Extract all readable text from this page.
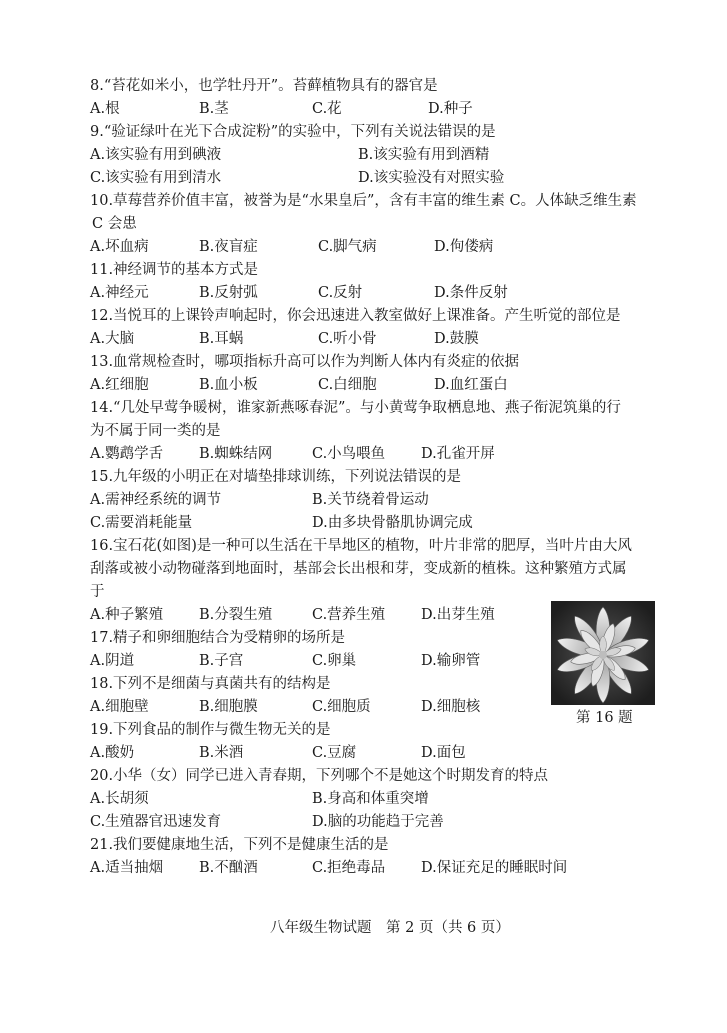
8.“苔花如米小，也学牡丹开”。苔藓植物具有的器官是
A.根	B.茎	C.花	D.种子
9.“验证绿叶在光下合成淀粉”的实验中，下列有关说法错误的是
A.该实验有用到碘液	B.该实验有用到酒精
C.该实验有用到清水	D.该实验没有对照实验
10.草莓营养价值丰富，被誉为是“水果皇后”，含有丰富的维生素 C。人体缺乏维生素
C 会患
A.坏血病	B.夜盲症	C.脚气病	D.佝偻病
11.神经调节的基本方式是
A.神经元	B.反射弧	C.反射	D.条件反射
12.当悦耳的上课铃声响起时，你会迅速进入教室做好上课准备。产生听觉的部位是
A.大脑	B.耳蜗	C.听小骨	D.鼓膜
13.血常规检查时，哪项指标升高可以作为判断人体内有炎症的依据
A.红细胞	B.血小板	C.白细胞	D.血红蛋白
14.“几处早莺争暖树，谁家新燕啄春泥”。与小黄莺争取栖息地、燕子衔泥筑巢的行
为不属于同一类的是
A.鹦鹉学舌 B.蜘蛛结网	C.小鸟喂鱼 D.孔雀开屏
15.九年级的小明正在对墙垫排球训练，下列说法错误的是
A.需神经系统的调节	B.关节绕着骨运动
C.需要消耗能量	D.由多块骨骼肌协调完成
16.宝石花(如图)是一种可以生活在干旱地区的植物，叶片非常的肥厚，当叶片由大风
刮落或被小动物碰落到地面时，基部会长出根和芽，变成新的植株。这种繁殖方式属
于
A.种子繁殖 B.分裂生殖	C.营养生殖 D.出芽生殖
第 16 题
17.精子和卵细胞结合为受精卵的场所是
A.阴道	B.子宫	C.卵巢	D.输卵管
18.下列不是细菌与真菌共有的结构是
A.细胞壁	B.细胞膜	C.细胞质	D.细胞核
19.下列食品的制作与微生物无关的是
A.酸奶	B.米酒	C.豆腐	D.面包
20.小华（女）同学已进入青春期，下列哪个不是她这个时期发育的特点
A.长胡须	B.身高和体重突增
C.生殖器官迅速发育	D.脑的功能趋于完善
21.我们要健康地生活，下列不是健康生活的是
A.适当抽烟 B.不酗酒	C.拒绝毒品 D.保证充足的睡眠时间
八年级生物试题　第 2 页（共 6 页）
